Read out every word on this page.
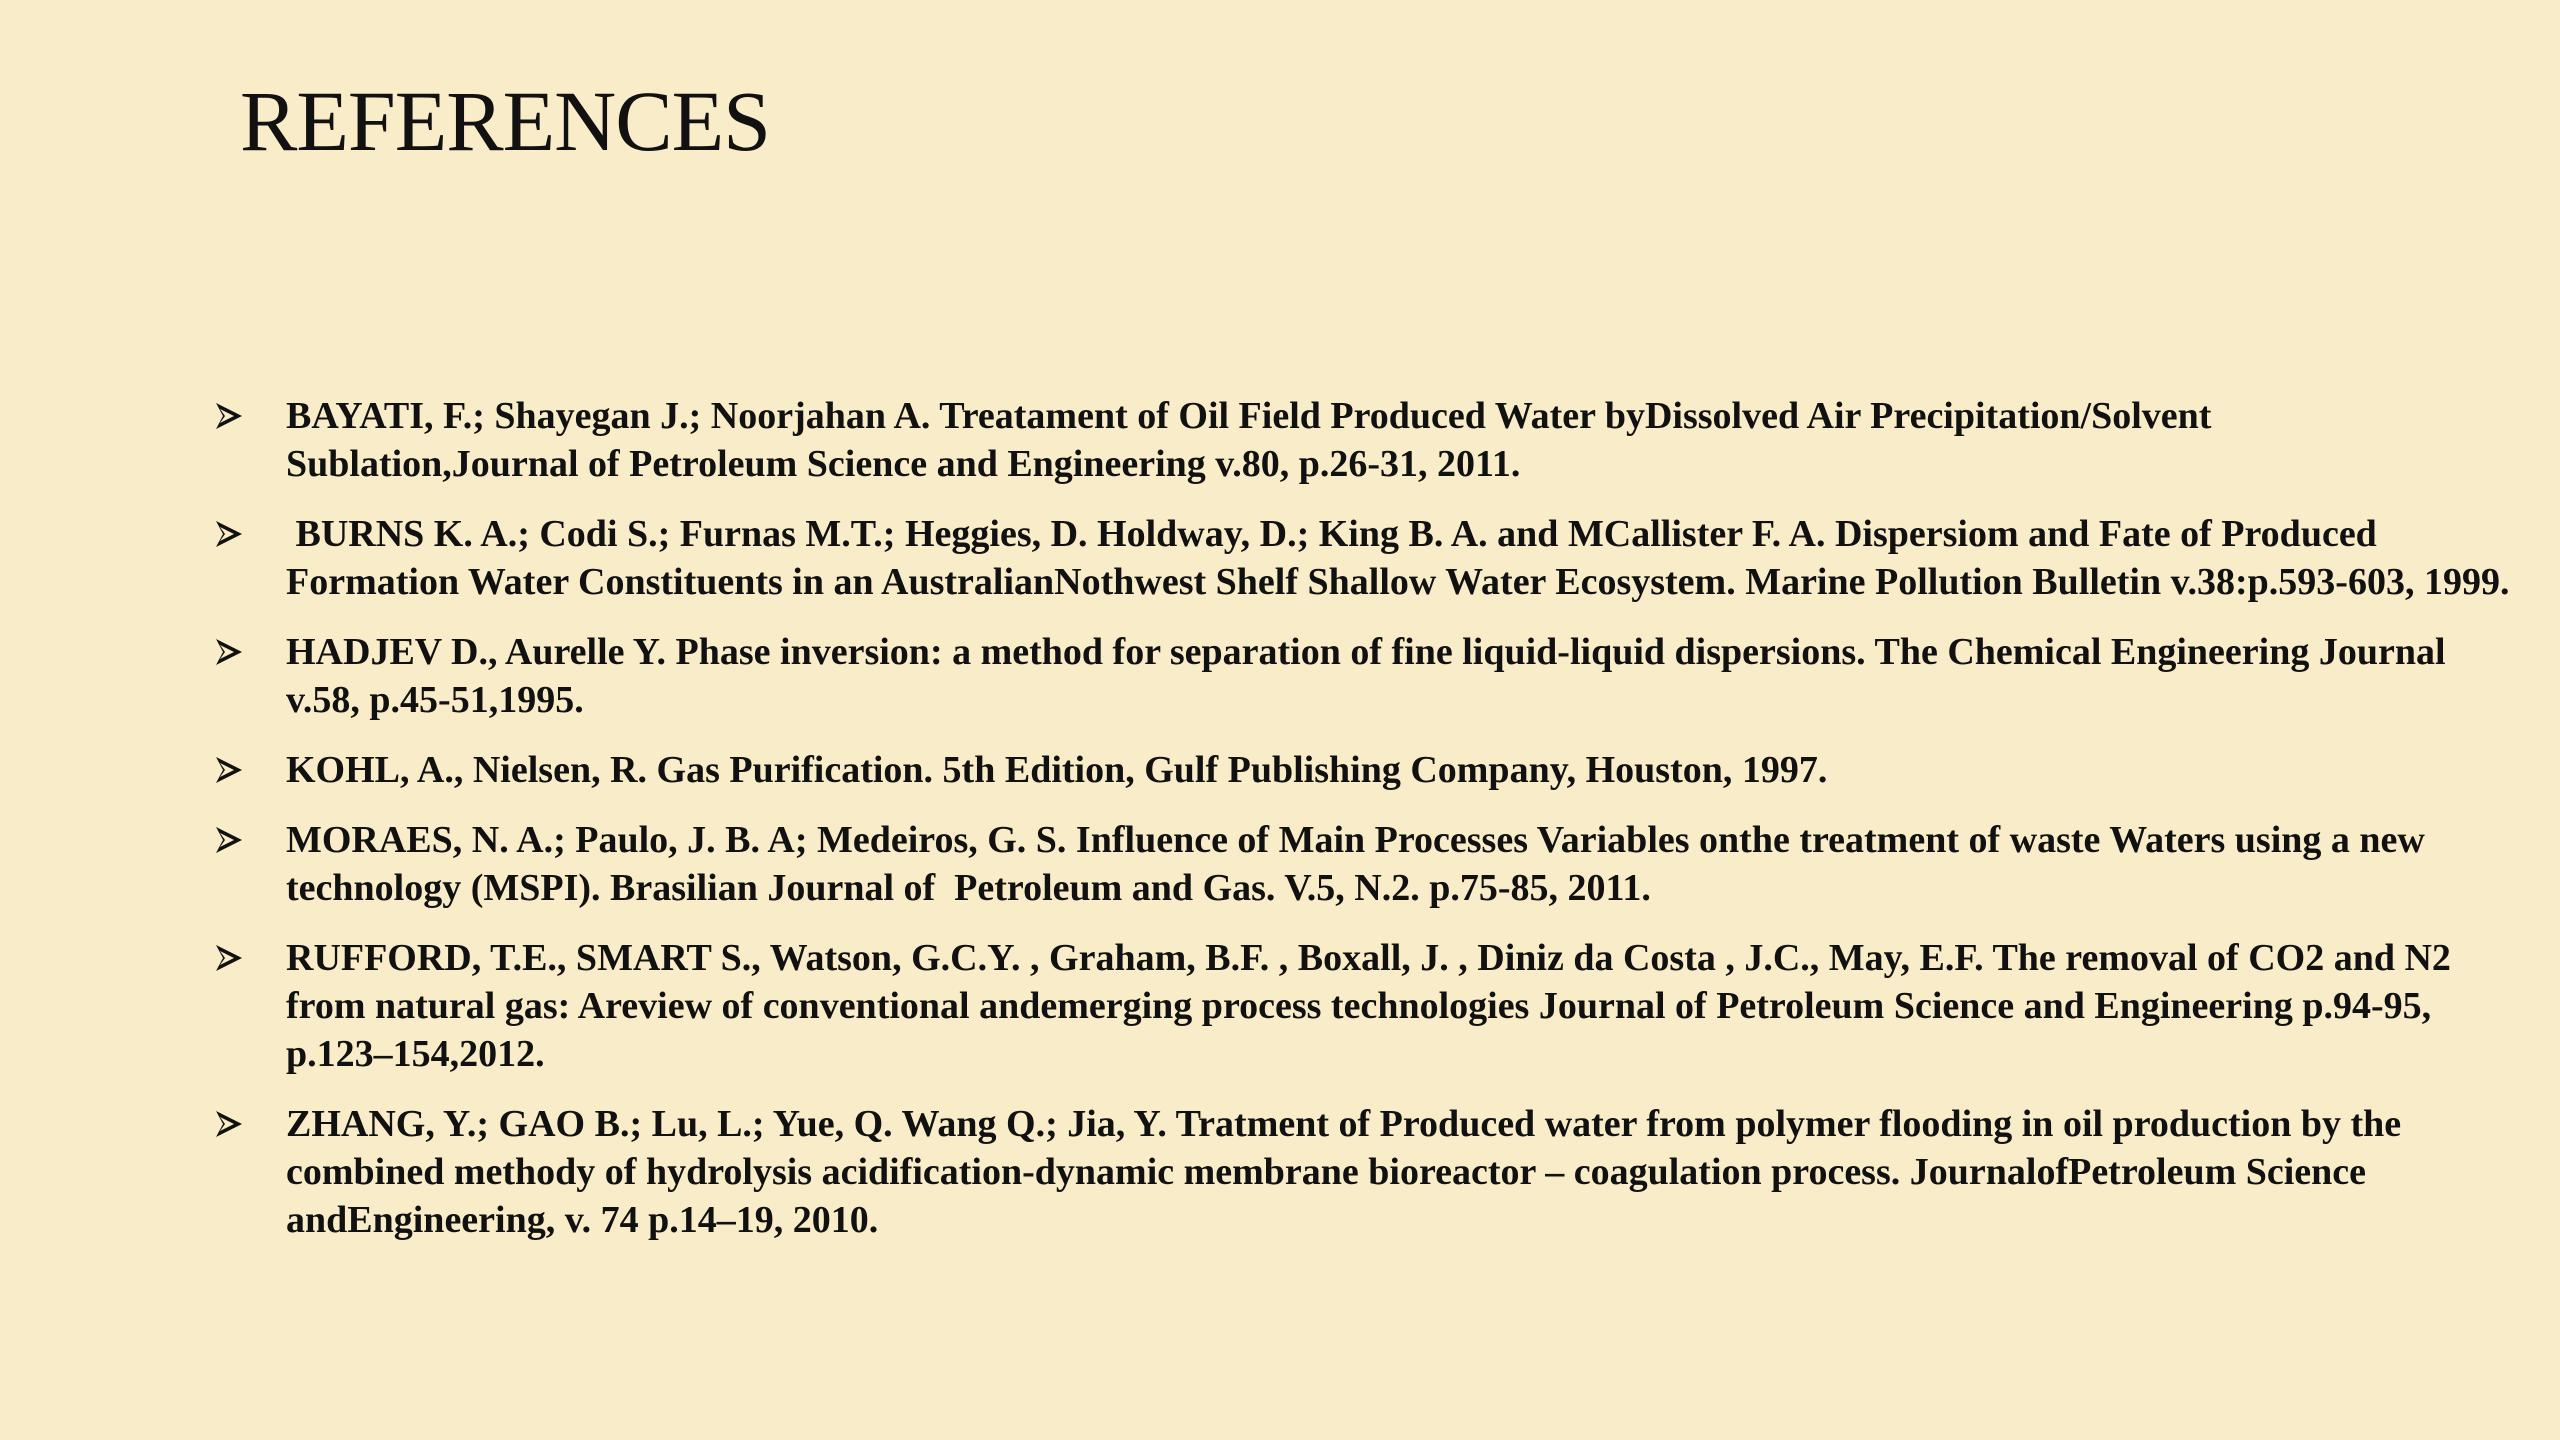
REFERENCES
BAYATI, F.; Shayegan J.; Noorjahan A. Treatament of Oil Field Produced Water byDissolved Air Precipitation/Solvent Sublation,Journal of Petroleum Science and Engineering v.80, p.26-31, 2011.
BURNS K. A.; Codi S.; Furnas M.T.; Heggies, D. Holdway, D.; King B. A. and MCallister F. A. Dispersiom and Fate of Produced Formation Water Constituents in an AustralianNothwest Shelf Shallow Water Ecosystem. Marine Pollution Bulletin v.38:p.593-603, 1999.
HADJEV D., Aurelle Y. Phase inversion: a method for separation of fine liquid-liquid dispersions. The Chemical Engineering Journal v.58, p.45-51,1995.
KOHL, A., Nielsen, R. Gas Purification. 5th Edition, Gulf Publishing Company, Houston, 1997.
MORAES, N. A.; Paulo, J. B. A; Medeiros, G. S. Influence of Main Processes Variables onthe treatment of waste Waters using a new technology (MSPI). Brasilian Journal of  Petroleum and Gas. V.5, N.2. p.75-85, 2011.
RUFFORD, T.E., SMART S., Watson, G.C.Y. , Graham, B.F. , Boxall, J. , Diniz da Costa , J.C., May, E.F. The removal of CO2 and N2 from natural gas: Areview of conventional andemerging process technologies Journal of Petroleum Science and Engineering p.94-95, p.123–154,2012.
ZHANG, Y.; GAO B.; Lu, L.; Yue, Q. Wang Q.; Jia, Y. Tratment of Produced water from polymer flooding in oil production by the combined methody of hydrolysis acidification-dynamic membrane bioreactor – coagulation process. JournalofPetroleum Science andEngineering, v. 74 p.14–19, 2010.
